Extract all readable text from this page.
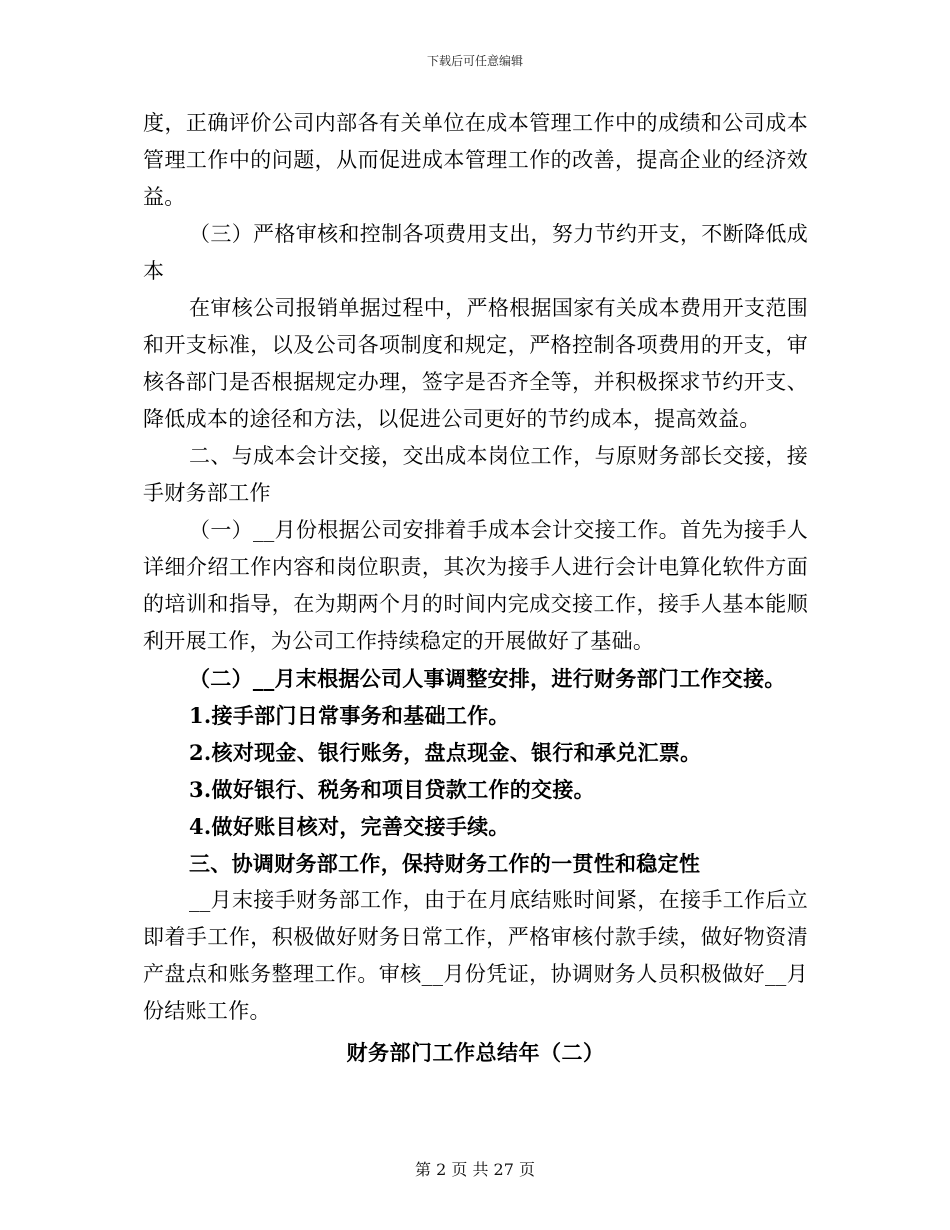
下载后可任意编辑

度，正确评价公司内部各有关单位在成本管理工作中的成绩和公司成本管理工作中的问题，从而促进成本管理工作的改善，提高企业的经济效益。

（三）严格审核和控制各项费用支出，努力节约开支，不断降低成本

在审核公司报销单据过程中，严格根据国家有关成本费用开支范围和开支标准，以及公司各项制度和规定，严格控制各项费用的开支，审核各部门是否根据规定办理，签字是否齐全等，并积极探求节约开支、降低成本的途径和方法，以促进公司更好的节约成本，提高效益。

二、与成本会计交接，交出成本岗位工作，与原财务部长交接，接手财务部工作

（一）__月份根据公司安排着手成本会计交接工作。首先为接手人详细介绍工作内容和岗位职责，其次为接手人进行会计电算化软件方面的培训和指导，在为期两个月的时间内完成交接工作，接手人基本能顺利开展工作，为公司工作持续稳定的开展做好了基础。

（二）__月末根据公司人事调整安排，进行财务部门工作交接。

1.接手部门日常事务和基础工作。

2.核对现金、银行账务，盘点现金、银行和承兑汇票。

3.做好银行、税务和项目贷款工作的交接。

4.做好账目核对，完善交接手续。

三、协调财务部工作，保持财务工作的一贯性和稳定性

__月末接手财务部工作，由于在月底结账时间紧，在接手工作后立即着手工作，积极做好财务日常工作，严格审核付款手续，做好物资清产盘点和账务整理工作。审核__月份凭证，协调财务人员积极做好__月份结账工作。

财务部门工作总结年（二）

第 2 页 共 27 页
